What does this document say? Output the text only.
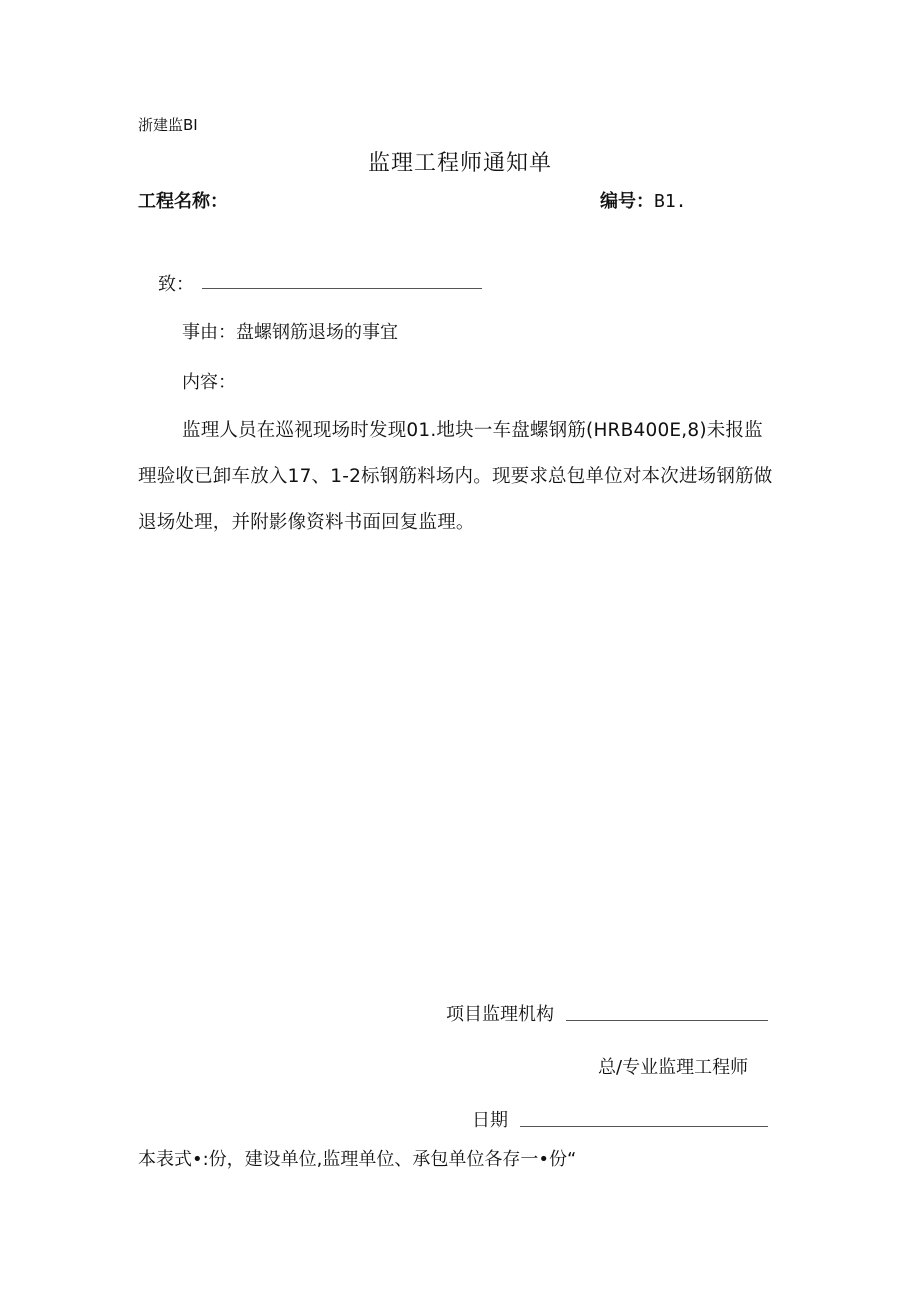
浙建监BI
监理工程师通知单
工程名称：	编号：B1.
致：
事由：盘螺钢筋退场的事宜
内容：
监理人员在巡视现场时发现01.地块一车盘螺钢筋(HRB400E,8)未报监理验收已卸车放入17、1-2标钢筋料场内。现要求总包单位对本次进场钢筋做退场处理，并附影像资料书面回复监理。
项目监理机构
总/专业监理工程师
日期
本表式•:份，建设单位,监理单位、承包单位各存一•份“
